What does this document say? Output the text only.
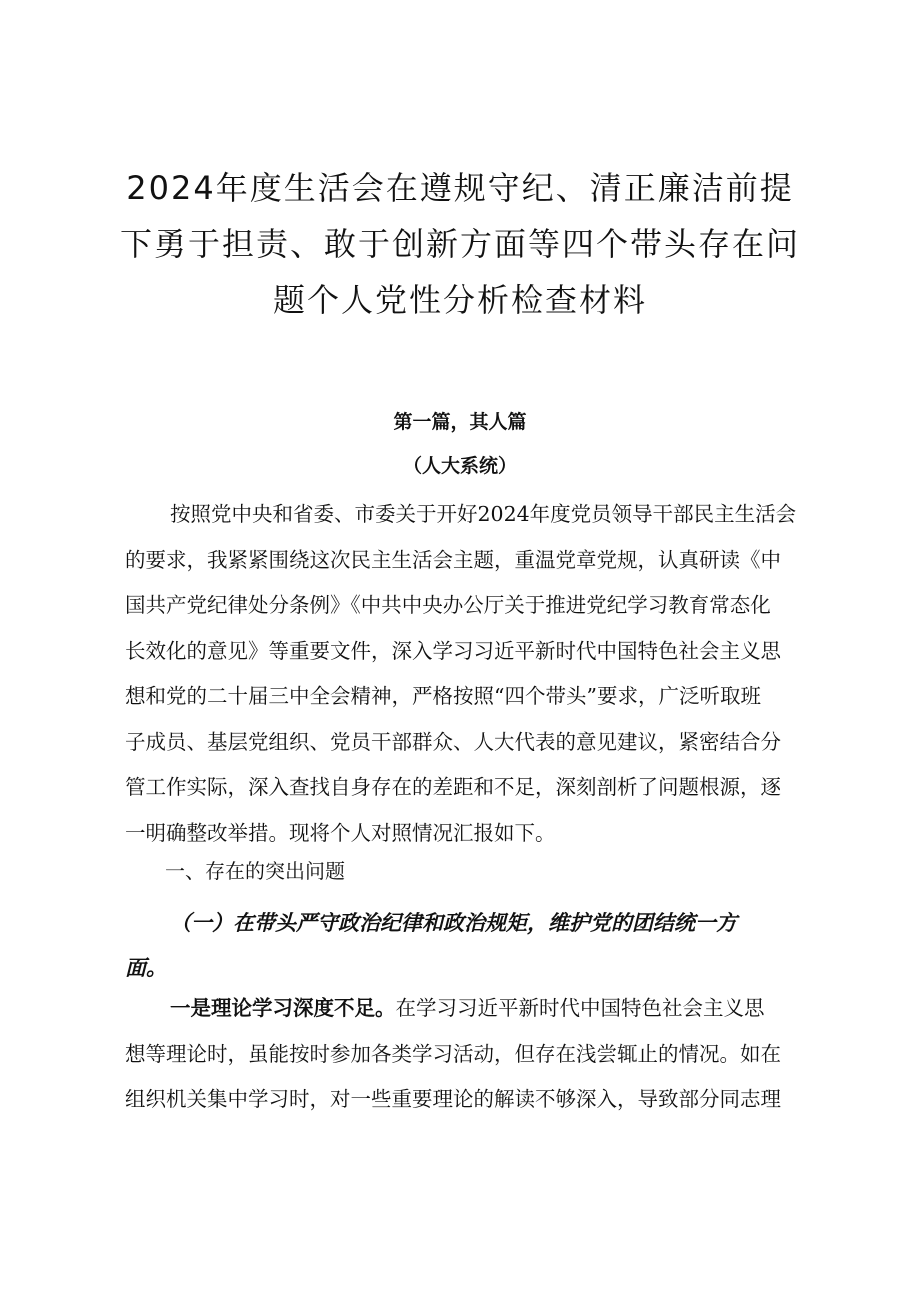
2024年度生活会在遵规守纪、清正廉洁前提
下勇于担责、敢于创新方面等四个带头存在问
题个人党性分析检查材料
第一篇，其人篇
（人大系统）

按照党中央和省委、市委关于开好2024年度党员领导干部民主生活会
的要求，我紧紧围绕这次民主生活会主题，重温党章党规，认真研读《中
国共产党纪律处分条例》《中共中央办公厅关于推进党纪学习教育常态化
长效化的意见》等重要文件，深入学习习近平新时代中国特色社会主义思
想和党的二十届三中全会精神，严格按照“四个带头”要求，广泛听取班
子成员、基层党组织、党员干部群众、人大代表的意见建议，紧密结合分
管工作实际，深入查找自身存在的差距和不足，深刻剖析了问题根源，逐
一明确整改举措。现将个人对照情况汇报如下。

一、存在的突出问题
（一）在带头严守政治纪律和政治规矩，维护党的团结统一方
面。

一是理论学习深度不足。在学习习近平新时代中国特色社会主义思
想等理论时，虽能按时参加各类学习活动，但存在浅尝辄止的情况。如在
组织机关集中学习时，对一些重要理论的解读不够深入，导致部分同志理
